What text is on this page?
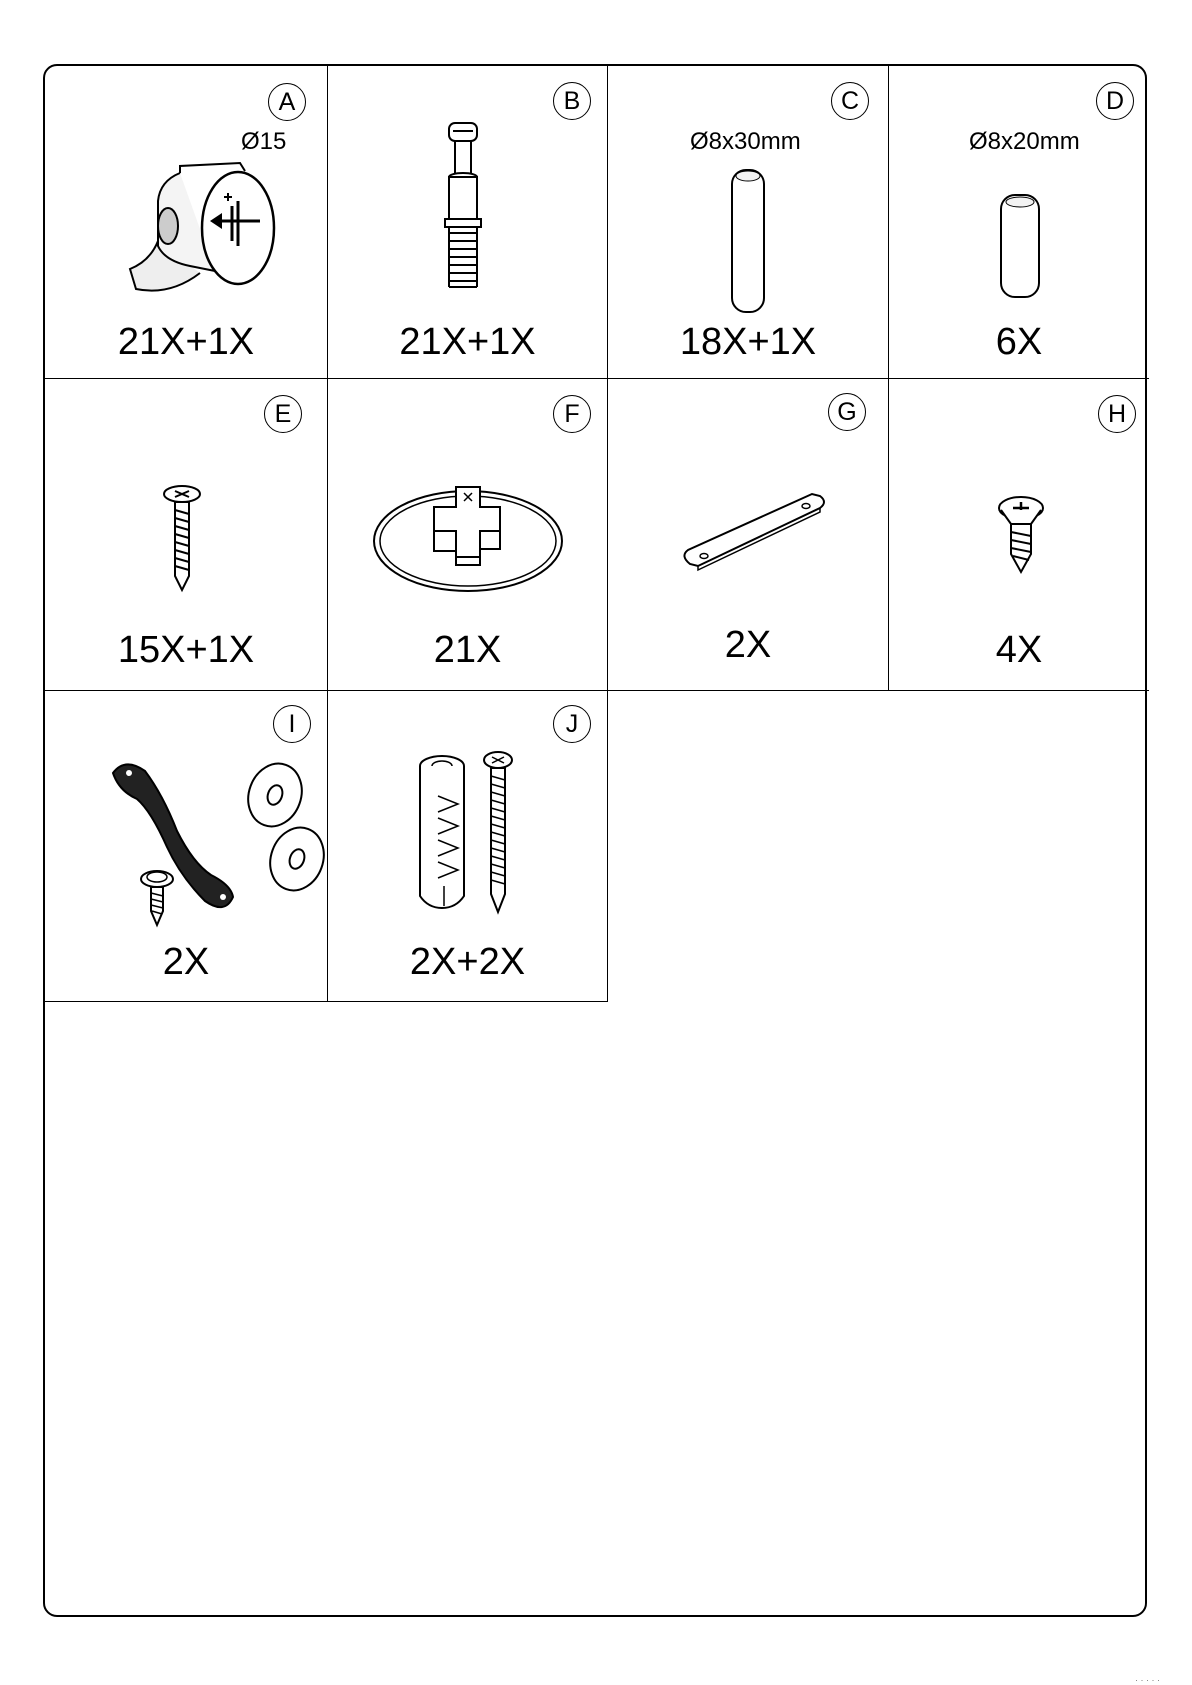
A
Ø15
21X+1X
B
21X+1X
C
Ø8x30mm
18X+1X
D
Ø8x20mm
6X
E
15X+1X
F
21X
G
2X
H
4X
I
2X
J
2X+2X
· · · · ·
